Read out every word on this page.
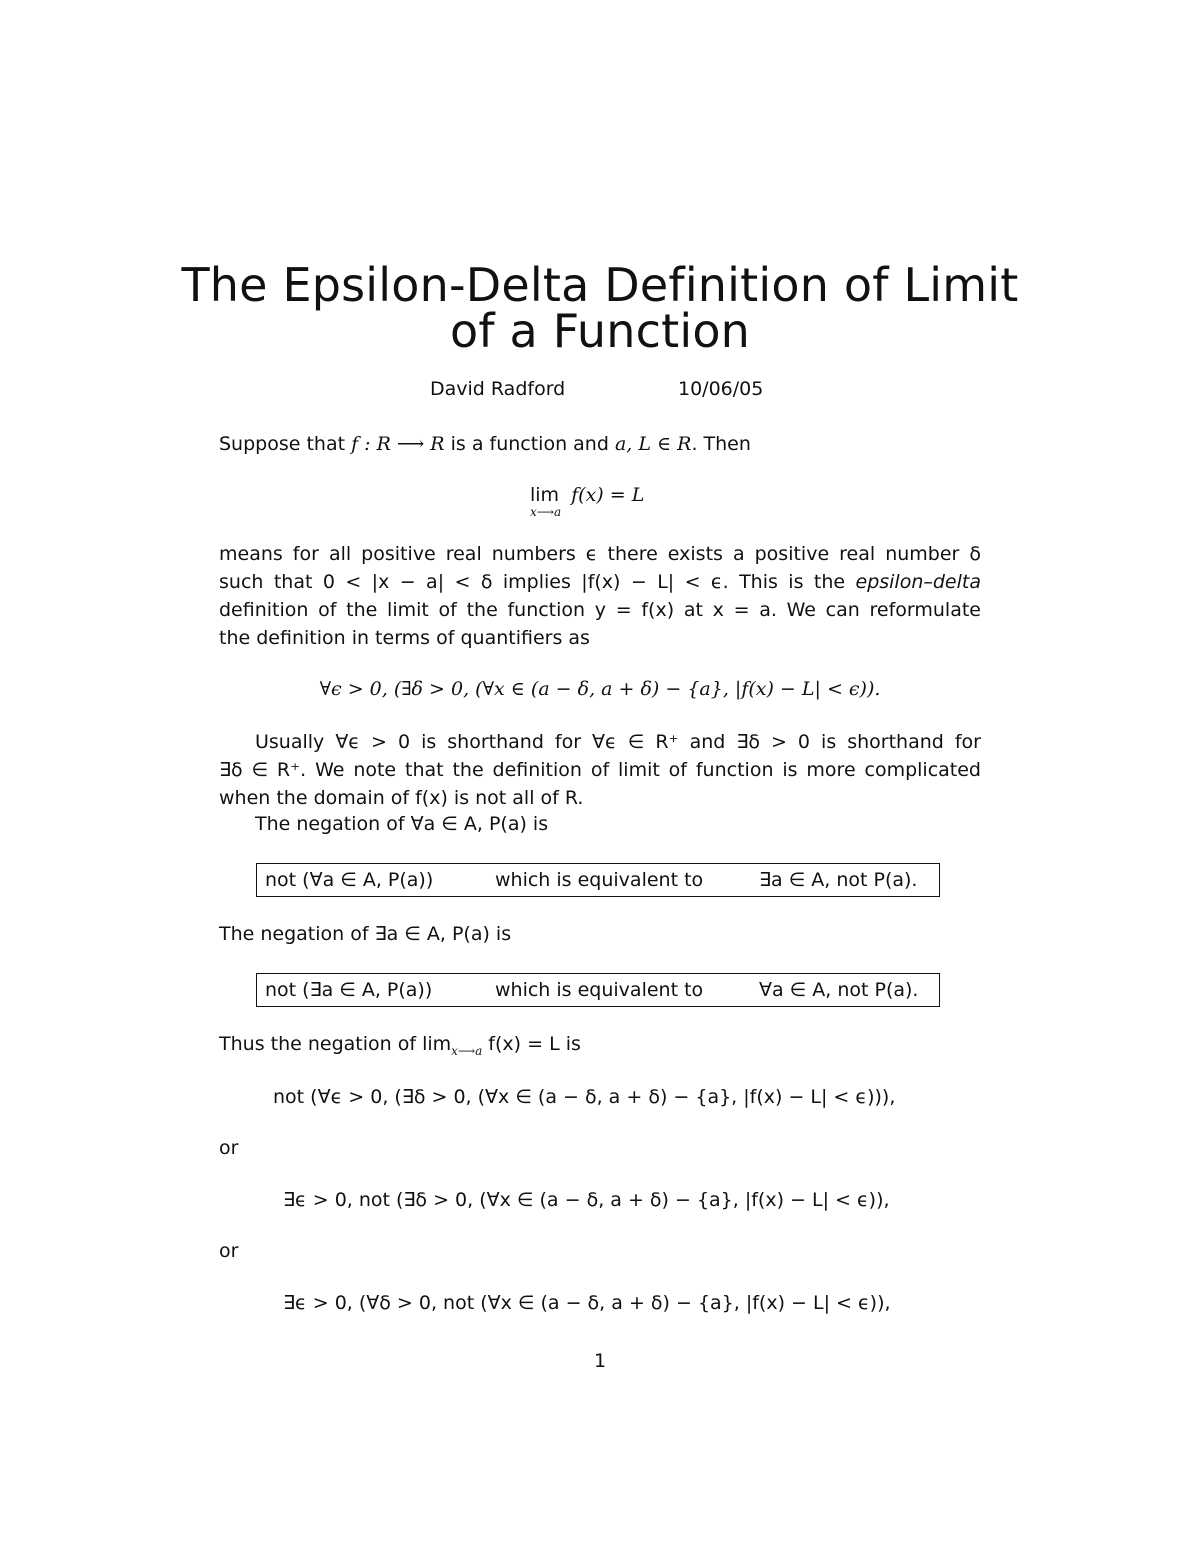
The Epsilon-Delta Definition of Limit
of a Function
David Radford	10/06/05
Suppose that f : R ⟶ R is a function and a, L ∈ R. Then
lim f(x) = L
x⟶a
means for all positive real numbers ϵ there exists a positive real number δ
such that 0 < |x − a| < δ implies |f(x) − L| < ϵ. This is the epsilon–delta
definition of the limit of the function y = f(x) at x = a. We can reformulate
the definition in terms of quantifiers as
∀ϵ > 0, (∃δ > 0, (∀x ∈ (a − δ, a + δ) − {a}, |f(x) − L| < ϵ)).
Usually ∀ϵ > 0 is shorthand for ∀ϵ ∈ R⁺ and ∃δ > 0 is shorthand for
∃δ ∈ R⁺. We note that the definition of limit of function is more complicated
when the domain of f(x) is not all of R.
The negation of ∀a ∈ A, P(a) is
not (∀a ∈ A, P(a))	which is equivalent to	∃a ∈ A, not P(a).
The negation of ∃a ∈ A, P(a) is
not (∃a ∈ A, P(a))	which is equivalent to	∀a ∈ A, not P(a).
Thus the negation of $\lim_{x⟶a} f(x) = L$ is
not (∀ϵ > 0, (∃δ > 0, (∀x ∈ (a − δ, a + δ) − {a}, |f(x) − L| < ϵ))),
or
∃ϵ > 0, not (∃δ > 0, (∀x ∈ (a − δ, a + δ) − {a}, |f(x) − L| < ϵ)),
or
∃ϵ > 0, (∀δ > 0, not (∀x ∈ (a − δ, a + δ) − {a}, |f(x) − L| < ϵ)),
1
